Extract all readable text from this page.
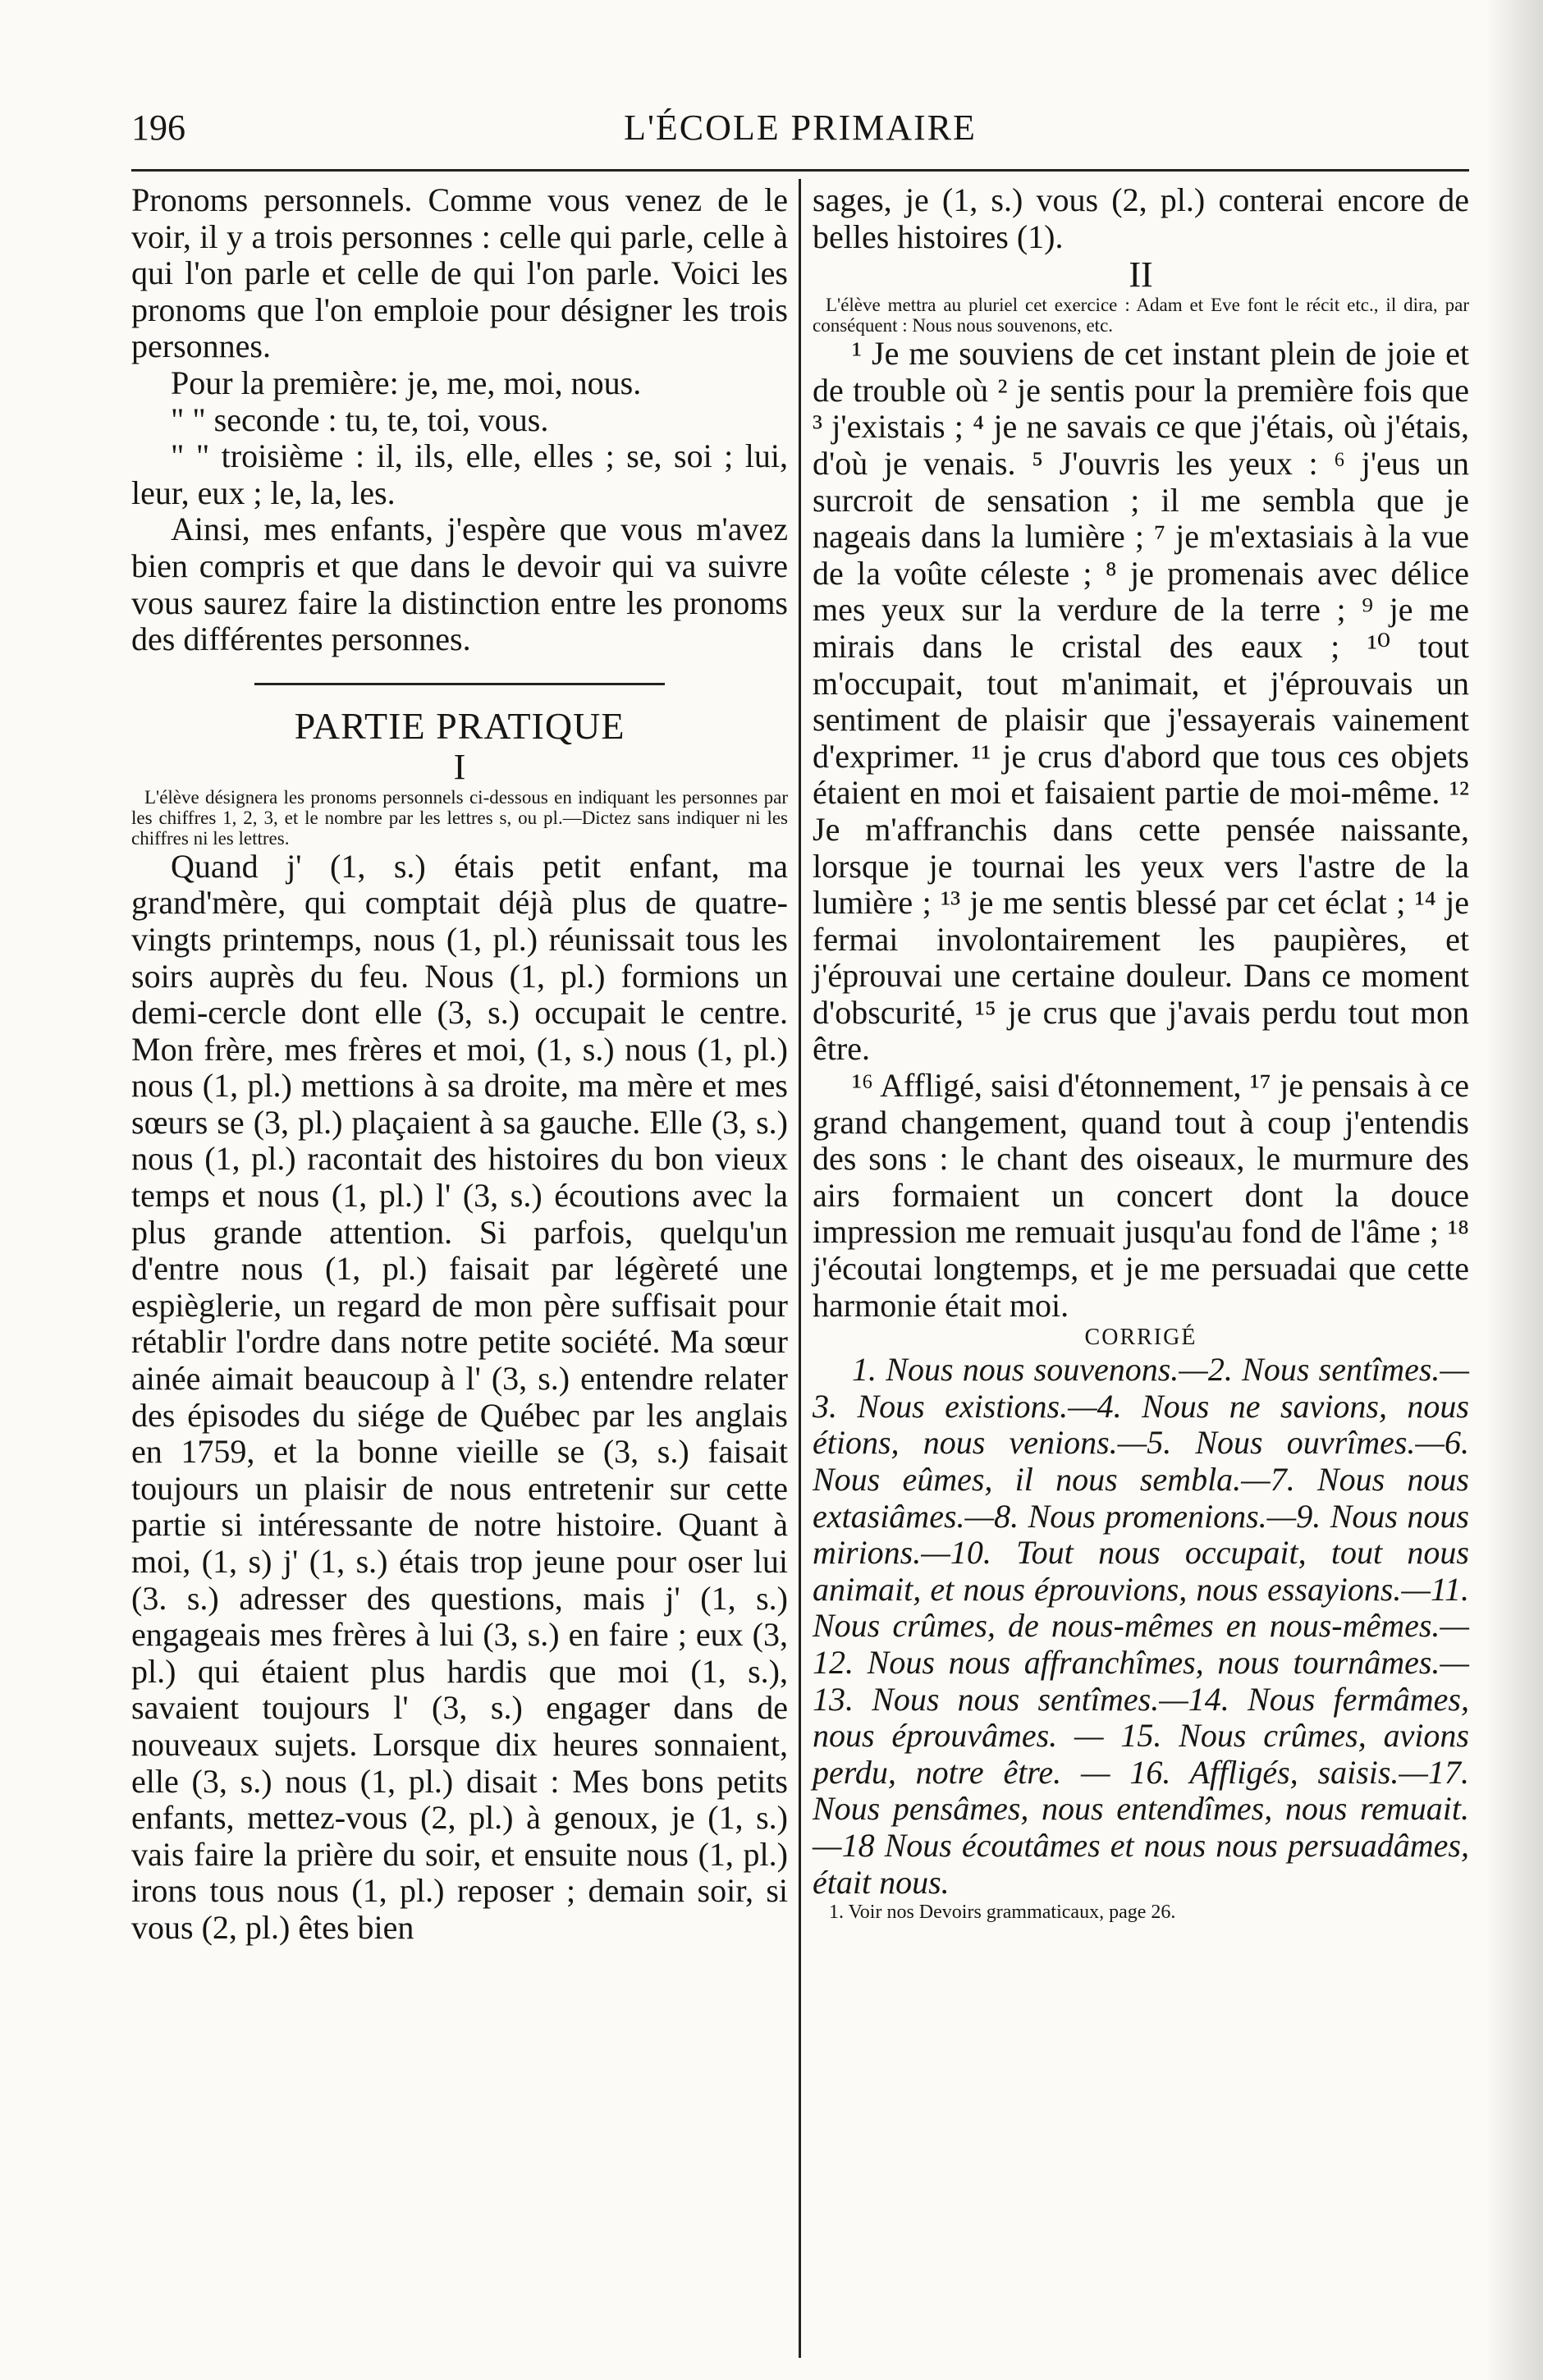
196	L'ÉCOLE PRIMAIRE

Pronoms personnels. Comme vous venez de le voir, il y a trois personnes : celle qui parle, celle à qui l'on parle et celle de qui l'on parle. Voici les pronoms que l'on emploie pour désigner les trois personnes.

Pour la première: je, me, moi, nous.

" " seconde : tu, te, toi, vous.

" " troisième : il, ils, elle, elles ; se, soi ; lui, leur, eux ; le, la, les.

Ainsi, mes enfants, j'espère que vous m'avez bien compris et que dans le devoir qui va suivre vous saurez faire la distinction entre les pronoms des différentes personnes.

PARTIE PRATIQUE

I

L'élève désignera les pronoms personnels ci-dessous en indiquant les personnes par les chiffres 1, 2, 3, et le nombre par les lettres s, ou pl.—Dictez sans indiquer ni les chiffres ni les lettres.

Quand j' (1, s.) étais petit enfant, ma grand'mère, qui comptait déjà plus de quatre-vingts printemps, nous (1, pl.) réunissait tous les soirs auprès du feu. Nous (1, pl.) formions un demi-cercle dont elle (3, s.) occupait le centre. Mon frère, mes frères et moi, (1, s.) nous (1, pl.) nous (1, pl.) mettions à sa droite, ma mère et mes sœurs se (3, pl.) plaçaient à sa gauche. Elle (3, s.) nous (1, pl.) racontait des histoires du bon vieux temps et nous (1, pl.) l' (3, s.) écoutions avec la plus grande attention. Si parfois, quelqu'un d'entre nous (1, pl.) faisait par légèreté une espièglerie, un regard de mon père suffisait pour rétablir l'ordre dans notre petite société. Ma sœur ainée aimait beaucoup à l' (3, s.) entendre relater des épisodes du siége de Québec par les anglais en 1759, et la bonne vieille se (3, s.) faisait toujours un plaisir de nous entretenir sur cette partie si intéressante de notre histoire. Quant à moi, (1, s) j' (1, s.) étais trop jeune pour oser lui (3. s.) adresser des questions, mais j' (1, s.) engageais mes frères à lui (3, s.) en faire ; eux (3, pl.) qui étaient plus hardis que moi (1, s.), savaient toujours l' (3, s.) engager dans de nouveaux sujets. Lorsque dix heures sonnaient, elle (3, s.) nous (1, pl.) disait : Mes bons petits enfants, mettez-vous (2, pl.) à genoux, je (1, s.) vais faire la prière du soir, et ensuite nous (1, pl.) irons tous nous (1, pl.) reposer ; demain soir, si vous (2, pl.) êtes bien

sages, je (1, s.) vous (2, pl.) conterai encore de belles histoires (1).

II

L'élève mettra au pluriel cet exercice : Adam et Eve font le récit etc., il dira, par conséquent : Nous nous souvenons, etc.

¹ Je me souviens de cet instant plein de joie et de trouble où ² je sentis pour la première fois que ³ j'existais ; ⁴ je ne savais ce que j'étais, où j'étais, d'où je venais. ⁵ J'ouvris les yeux : ⁶ j'eus un surcroit de sensation ; il me sembla que je nageais dans la lumière ; ⁷ je m'extasiais à la vue de la voûte céleste ; ⁸ je promenais avec délice mes yeux sur la verdure de la terre ; ⁹ je me mirais dans le cristal des eaux ; ¹⁰ tout m'occupait, tout m'animait, et j'éprouvais un sentiment de plaisir que j'essayerais vainement d'exprimer. ¹¹ je crus d'abord que tous ces objets étaient en moi et faisaient partie de moi-même. ¹² Je m'affranchis dans cette pensée naissante, lorsque je tournai les yeux vers l'astre de la lumière ; ¹³ je me sentis blessé par cet éclat ; ¹⁴ je fermai involontairement les paupières, et j'éprouvai une certaine douleur. Dans ce moment d'obscurité, ¹⁵ je crus que j'avais perdu tout mon être.

¹⁶ Affligé, saisi d'étonnement, ¹⁷ je pensais à ce grand changement, quand tout à coup j'entendis des sons : le chant des oiseaux, le murmure des airs formaient un concert dont la douce impression me remuait jusqu'au fond de l'âme ; ¹⁸ j'écoutai longtemps, et je me persuadai que cette harmonie était moi.

CORRIGÉ

1. Nous nous souvenons.—2. Nous sentîmes.—3. Nous existions.—4. Nous ne savions, nous étions, nous venions.—5. Nous ouvrîmes.—6. Nous eûmes, il nous sembla.—7. Nous nous extasiâmes.—8. Nous promenions.—9. Nous nous mirions.—10. Tout nous occupait, tout nous animait, et nous éprouvions, nous essayions.—11. Nous crûmes, de nous-mêmes en nous-mêmes.—12. Nous nous affranchîmes, nous tournâmes.—13. Nous nous sentîmes.—14. Nous fermâmes, nous éprouvâmes. — 15. Nous crûmes, avions perdu, notre être. — 16. Affligés, saisis.—17. Nous pensâmes, nous entendîmes, nous remuait.—18 Nous écoutâmes et nous nous persuadâmes, était nous.

1. Voir nos Devoirs grammaticaux, page 26.
